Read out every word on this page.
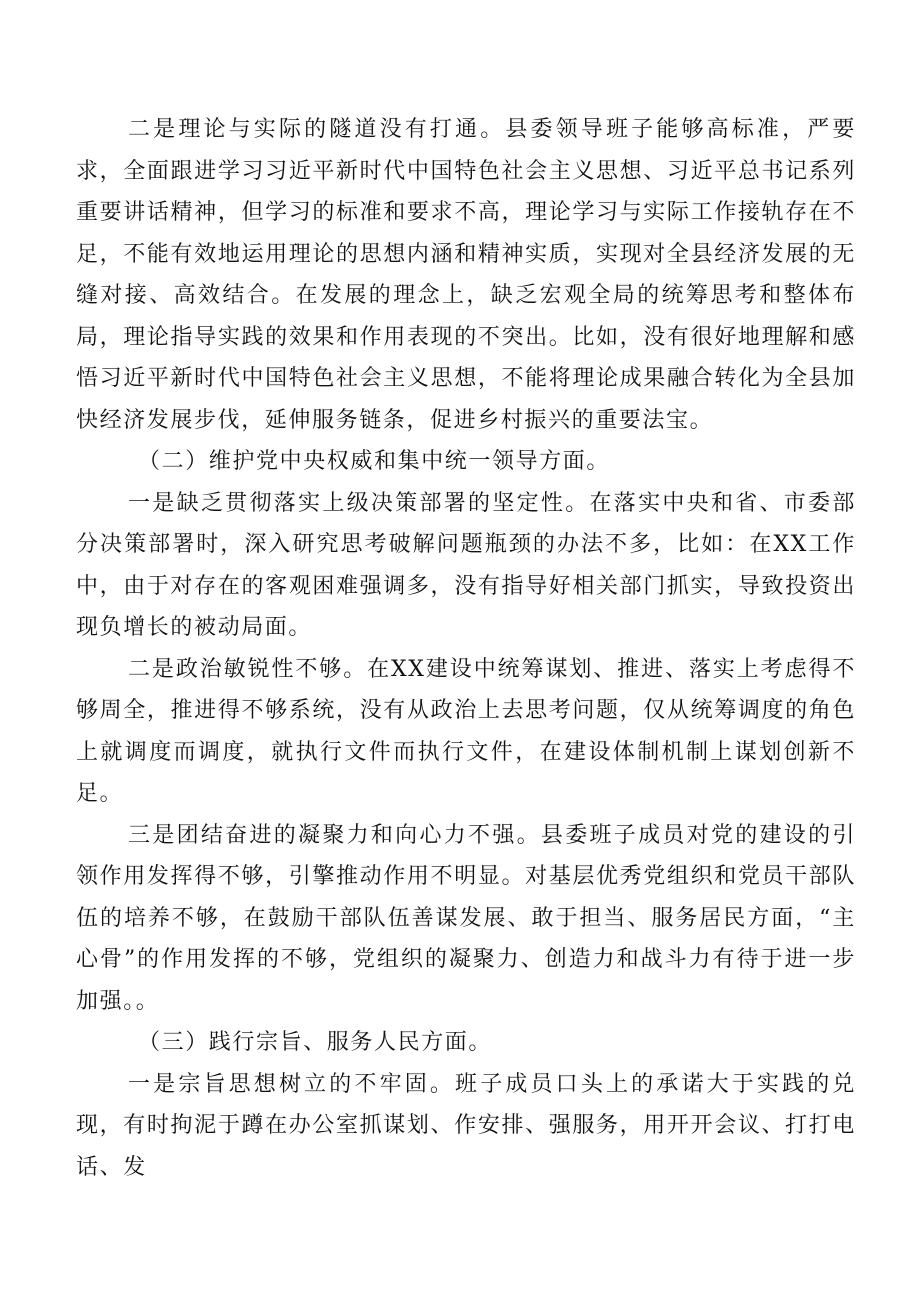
二是理论与实际的隧道没有打通。县委领导班子能够高标准，严要求，全面跟进学习习近平新时代中国特色社会主义思想、习近平总书记系列重要讲话精神，但学习的标准和要求不高，理论学习与实际工作接轨存在不足，不能有效地运用理论的思想内涵和精神实质，实现对全县经济发展的无缝对接、高效结合。在发展的理念上，缺乏宏观全局的统筹思考和整体布局，理论指导实践的效果和作用表现的不突出。比如，没有很好地理解和感悟习近平新时代中国特色社会主义思想，不能将理论成果融合转化为全县加快经济发展步伐，延伸服务链条，促进乡村振兴的重要法宝。

（二）维护党中央权威和集中统一领导方面。

一是缺乏贯彻落实上级决策部署的坚定性。在落实中央和省、市委部分决策部署时，深入研究思考破解问题瓶颈的办法不多，比如：在XX工作中，由于对存在的客观困难强调多，没有指导好相关部门抓实，导致投资出现负增长的被动局面。

二是政治敏锐性不够。在XX建设中统筹谋划、推进、落实上考虑得不够周全，推进得不够系统，没有从政治上去思考问题，仅从统筹调度的角色上就调度而调度，就执行文件而执行文件，在建设体制机制上谋划创新不足。

三是团结奋进的凝聚力和向心力不强。县委班子成员对党的建设的引领作用发挥得不够，引擎推动作用不明显。对基层优秀党组织和党员干部队伍的培养不够，在鼓励干部队伍善谋发展、敢于担当、服务居民方面，“主心骨”的作用发挥的不够，党组织的凝聚力、创造力和战斗力有待于进一步加强。。

（三）践行宗旨、服务人民方面。

一是宗旨思想树立的不牢固。班子成员口头上的承诺大于实践的兑现，有时拘泥于蹲在办公室抓谋划、作安排、强服务，用开开会议、打打电话、发
